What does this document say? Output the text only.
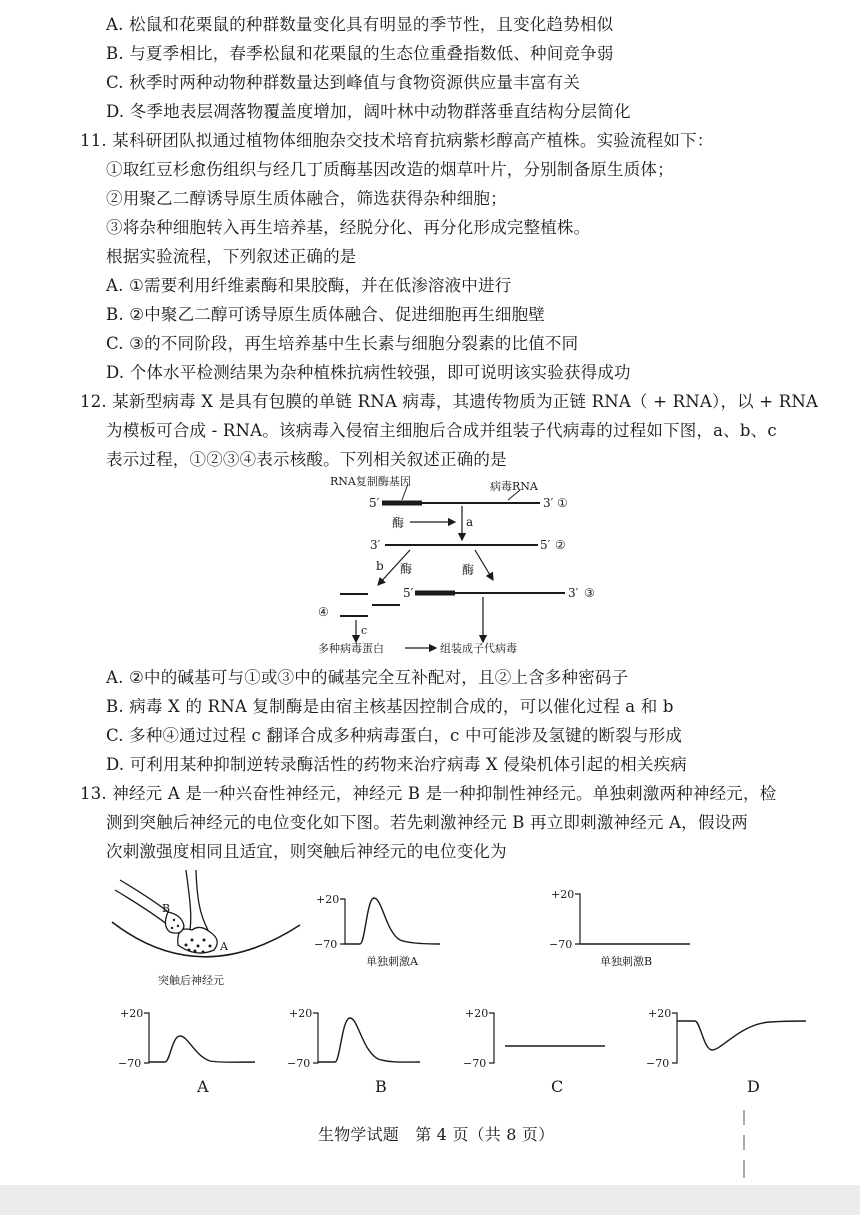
A. 松鼠和花栗鼠的种群数量变化具有明显的季节性，且变化趋势相似
B. 与夏季相比，春季松鼠和花栗鼠的生态位重叠指数低、种间竞争弱
C. 秋季时两种动物种群数量达到峰值与食物资源供应量丰富有关
D. 冬季地表层凋落物覆盖度增加，阔叶林中动物群落垂直结构分层简化
11. 某科研团队拟通过植物体细胞杂交技术培育抗病紫杉醇高产植株。实验流程如下：
①取红豆杉愈伤组织与经几丁质酶基因改造的烟草叶片，分别制备原生质体；
②用聚乙二醇诱导原生质体融合，筛选获得杂种细胞；
③将杂种细胞转入再生培养基，经脱分化、再分化形成完整植株。
根据实验流程，下列叙述正确的是
A. ①需要利用纤维素酶和果胶酶，并在低渗溶液中进行
B. ②中聚乙二醇可诱导原生质体融合、促进细胞再生细胞壁
C. ③的不同阶段，再生培养基中生长素与细胞分裂素的比值不同
D. 个体水平检测结果为杂种植株抗病性较强，即可说明该实验获得成功
12. 某新型病毒 X 是具有包膜的单链 RNA 病毒，其遗传物质为正链 RNA（ + RNA），以 + RNA
为模板可合成 - RNA。该病毒入侵宿主细胞后合成并组装子代病毒的过程如下图，a、b、c
表示过程，①②③④表示核酸。下列相关叙述正确的是
RNA复制酶基因	病毒RNA
5′	3′ ①
酶	a
3′	5′ ②
b 酶	酶
5′	3′ ③
④
c
多种病毒蛋白	组装成子代病毒
A. ②中的碱基可与①或③中的碱基完全互补配对，且②上含多种密码子
B. 病毒 X 的 RNA 复制酶是由宿主核基因控制合成的，可以催化过程 a 和 b
C. 多种④通过过程 c 翻译合成多种病毒蛋白，c 中可能涉及氢键的断裂与形成
D. 可利用某种抑制逆转录酶活性的药物来治疗病毒 X 侵染机体引起的相关疾病
13. 神经元 A 是一种兴奋性神经元，神经元 B 是一种抑制性神经元。单独刺激两种神经元，检
测到突触后神经元的电位变化如下图。若先刺激神经元 B 再立即刺激神经元 A，假设两
次刺激强度相同且适宜，则突触后神经元的电位变化为
B
A
突触后神经元
+20
−70
单独刺激A
+20
−70
单独刺激B
+20
−70
+20
−70
+20
−70
+20
−70
A	B	C	D
生物学试题　第 4 页（共 8 页）
